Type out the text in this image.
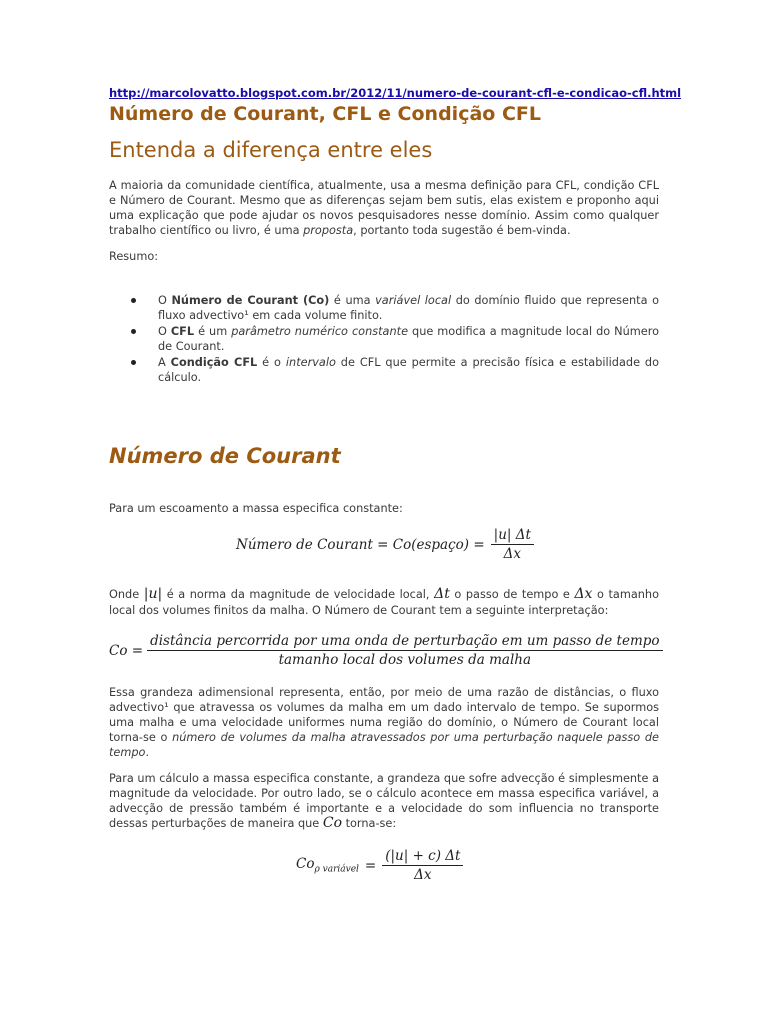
http://marcolovatto.blogspot.com.br/2012/11/numero-de-courant-cfl-e-condicao-cfl.html
Número de Courant, CFL e Condição CFL
Entenda a diferença entre eles

A maioria da comunidade científica, atualmente, usa a mesma definição para CFL, condição CFL e Número de Courant. Mesmo que as diferenças sejam bem sutis, elas existem e proponho aqui uma explicação que pode ajudar os novos pesquisadores nesse domínio. Assim como qualquer trabalho científico ou livro, é uma proposta, portanto toda sugestão é bem-vinda.

Resumo:

O Número de Courant (Co) é uma variável local do domínio fluido que representa o fluxo advectivo¹ em cada volume finito.
O CFL é um parâmetro numérico constante que modifica a magnitude local do Número de Courant.
A Condição CFL é o intervalo de CFL que permite a precisão física e estabilidade do cálculo.
Número de Courant

Para um escoamento a massa especifica constante:

Número de Courant = Co(espaço) = $\frac{|u| \Delta t}{\Delta x}$

Onde |u| é a norma da magnitude de velocidade local, Δt o passo de tempo e Δx o tamanho local dos volumes finitos da malha. O Número de Courant tem a seguinte interpretação:

Co =
distância percorrida por uma onda de perturbação em um passo de tempo
tamanho local dos volumes da malha

Essa grandeza adimensional representa, então, por meio de uma razão de distâncias, o fluxo advectivo¹ que atravessa os volumes da malha em um dado intervalo de tempo. Se supormos uma malha e uma velocidade uniformes numa região do domínio, o Número de Courant local torna-se o número de volumes da malha atravessados por uma perturbação naquele passo de tempo.

Para um cálculo a massa especifica constante, a grandeza que sofre advecção é simplesmente a magnitude da velocidade. Por outro lado, se o cálculo acontece em massa especifica variável, a advecção de pressão também é importante e a velocidade do som influencia no transporte dessas perturbações de maneira que Co torna-se:

$Co_{\rho variável} = \frac{(|u| + c) \Delta t}{\Delta x}$
